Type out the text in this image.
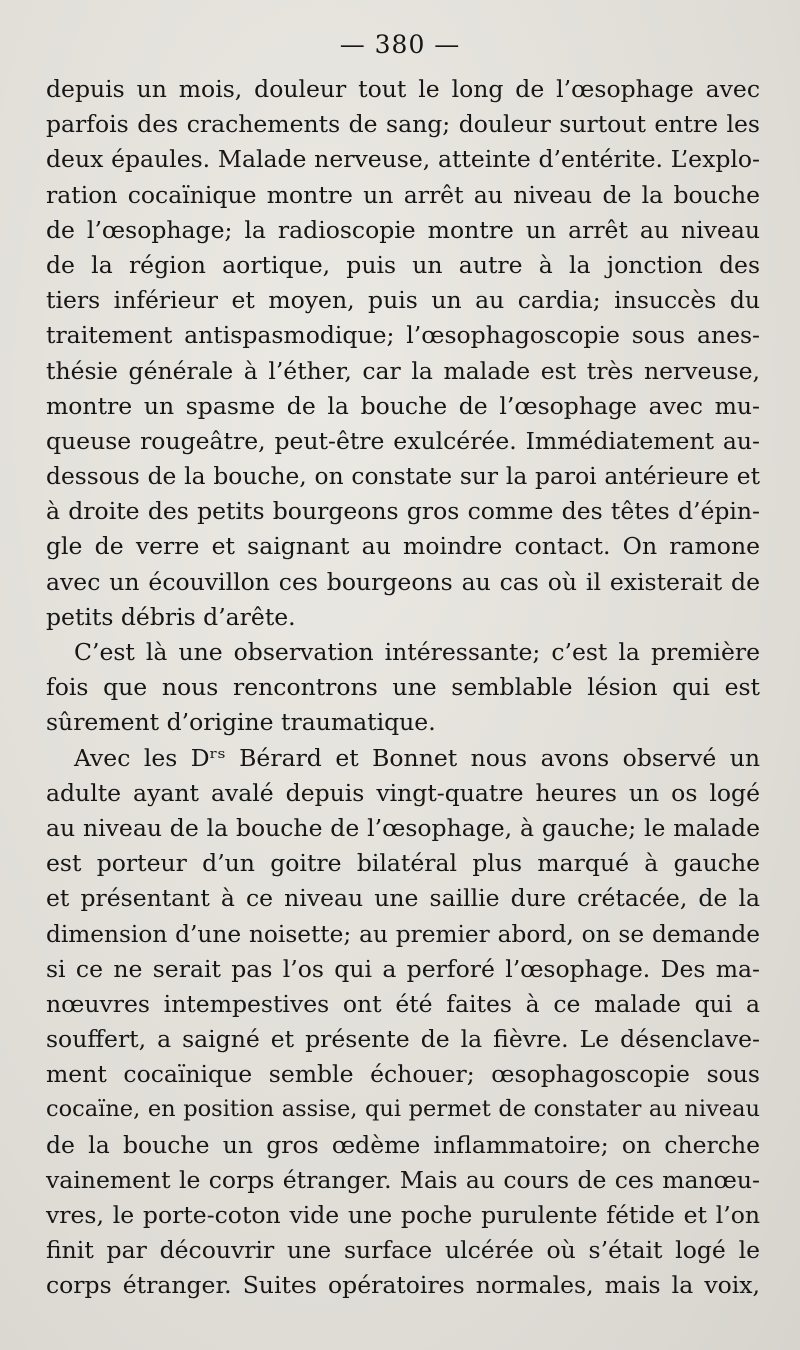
— 380 —
depuis un mois, douleur tout le long de l’œsophage avec
parfois des crachements de sang; douleur surtout entre les
deux épaules. Malade nerveuse, atteinte d’entérite. L’explo-
ration cocaïnique montre un arrêt au niveau de la bouche
de l’œsophage; la radioscopie montre un arrêt au niveau
de la région aortique, puis un autre à la jonction des
tiers inférieur et moyen, puis un au cardia; insuccès du
traitement antispasmodique; l’œsophagoscopie sous anes-
thésie générale à l’éther, car la malade est très nerveuse,
montre un spasme de la bouche de l’œsophage avec mu-
queuse rougeâtre, peut-être exulcérée. Immédiatement au-
dessous de la bouche, on constate sur la paroi antérieure et
à droite des petits bourgeons gros comme des têtes d’épin-
gle de verre et saignant au moindre contact. On ramone
avec un écouvillon ces bourgeons au cas où il existerait de
petits débris d’arête.
C’est là une observation intéressante; c’est la première
fois que nous rencontrons une semblable lésion qui est
sûrement d’origine traumatique.
Avec les Dʳˢ Bérard et Bonnet nous avons observé un
adulte ayant avalé depuis vingt-quatre heures un os logé
au niveau de la bouche de l’œsophage, à gauche; le malade
est porteur d’un goitre bilatéral plus marqué à gauche
et présentant à ce niveau une saillie dure crétacée, de la
dimension d’une noisette; au premier abord, on se demande
si ce ne serait pas l’os qui a perforé l’œsophage. Des ma-
nœuvres intempestives ont été faites à ce malade qui a
souffert, a saigné et présente de la fièvre. Le désenclave-
ment cocaïnique semble échouer; œsophagoscopie sous
cocaïne, en position assise, qui permet de constater au niveau
de la bouche un gros œdème inflammatoire; on cherche
vainement le corps étranger. Mais au cours de ces manœu-
vres, le porte-coton vide une poche purulente fétide et l’on
finit par découvrir une surface ulcérée où s’était logé le
corps étranger. Suites opératoires normales, mais la voix,
